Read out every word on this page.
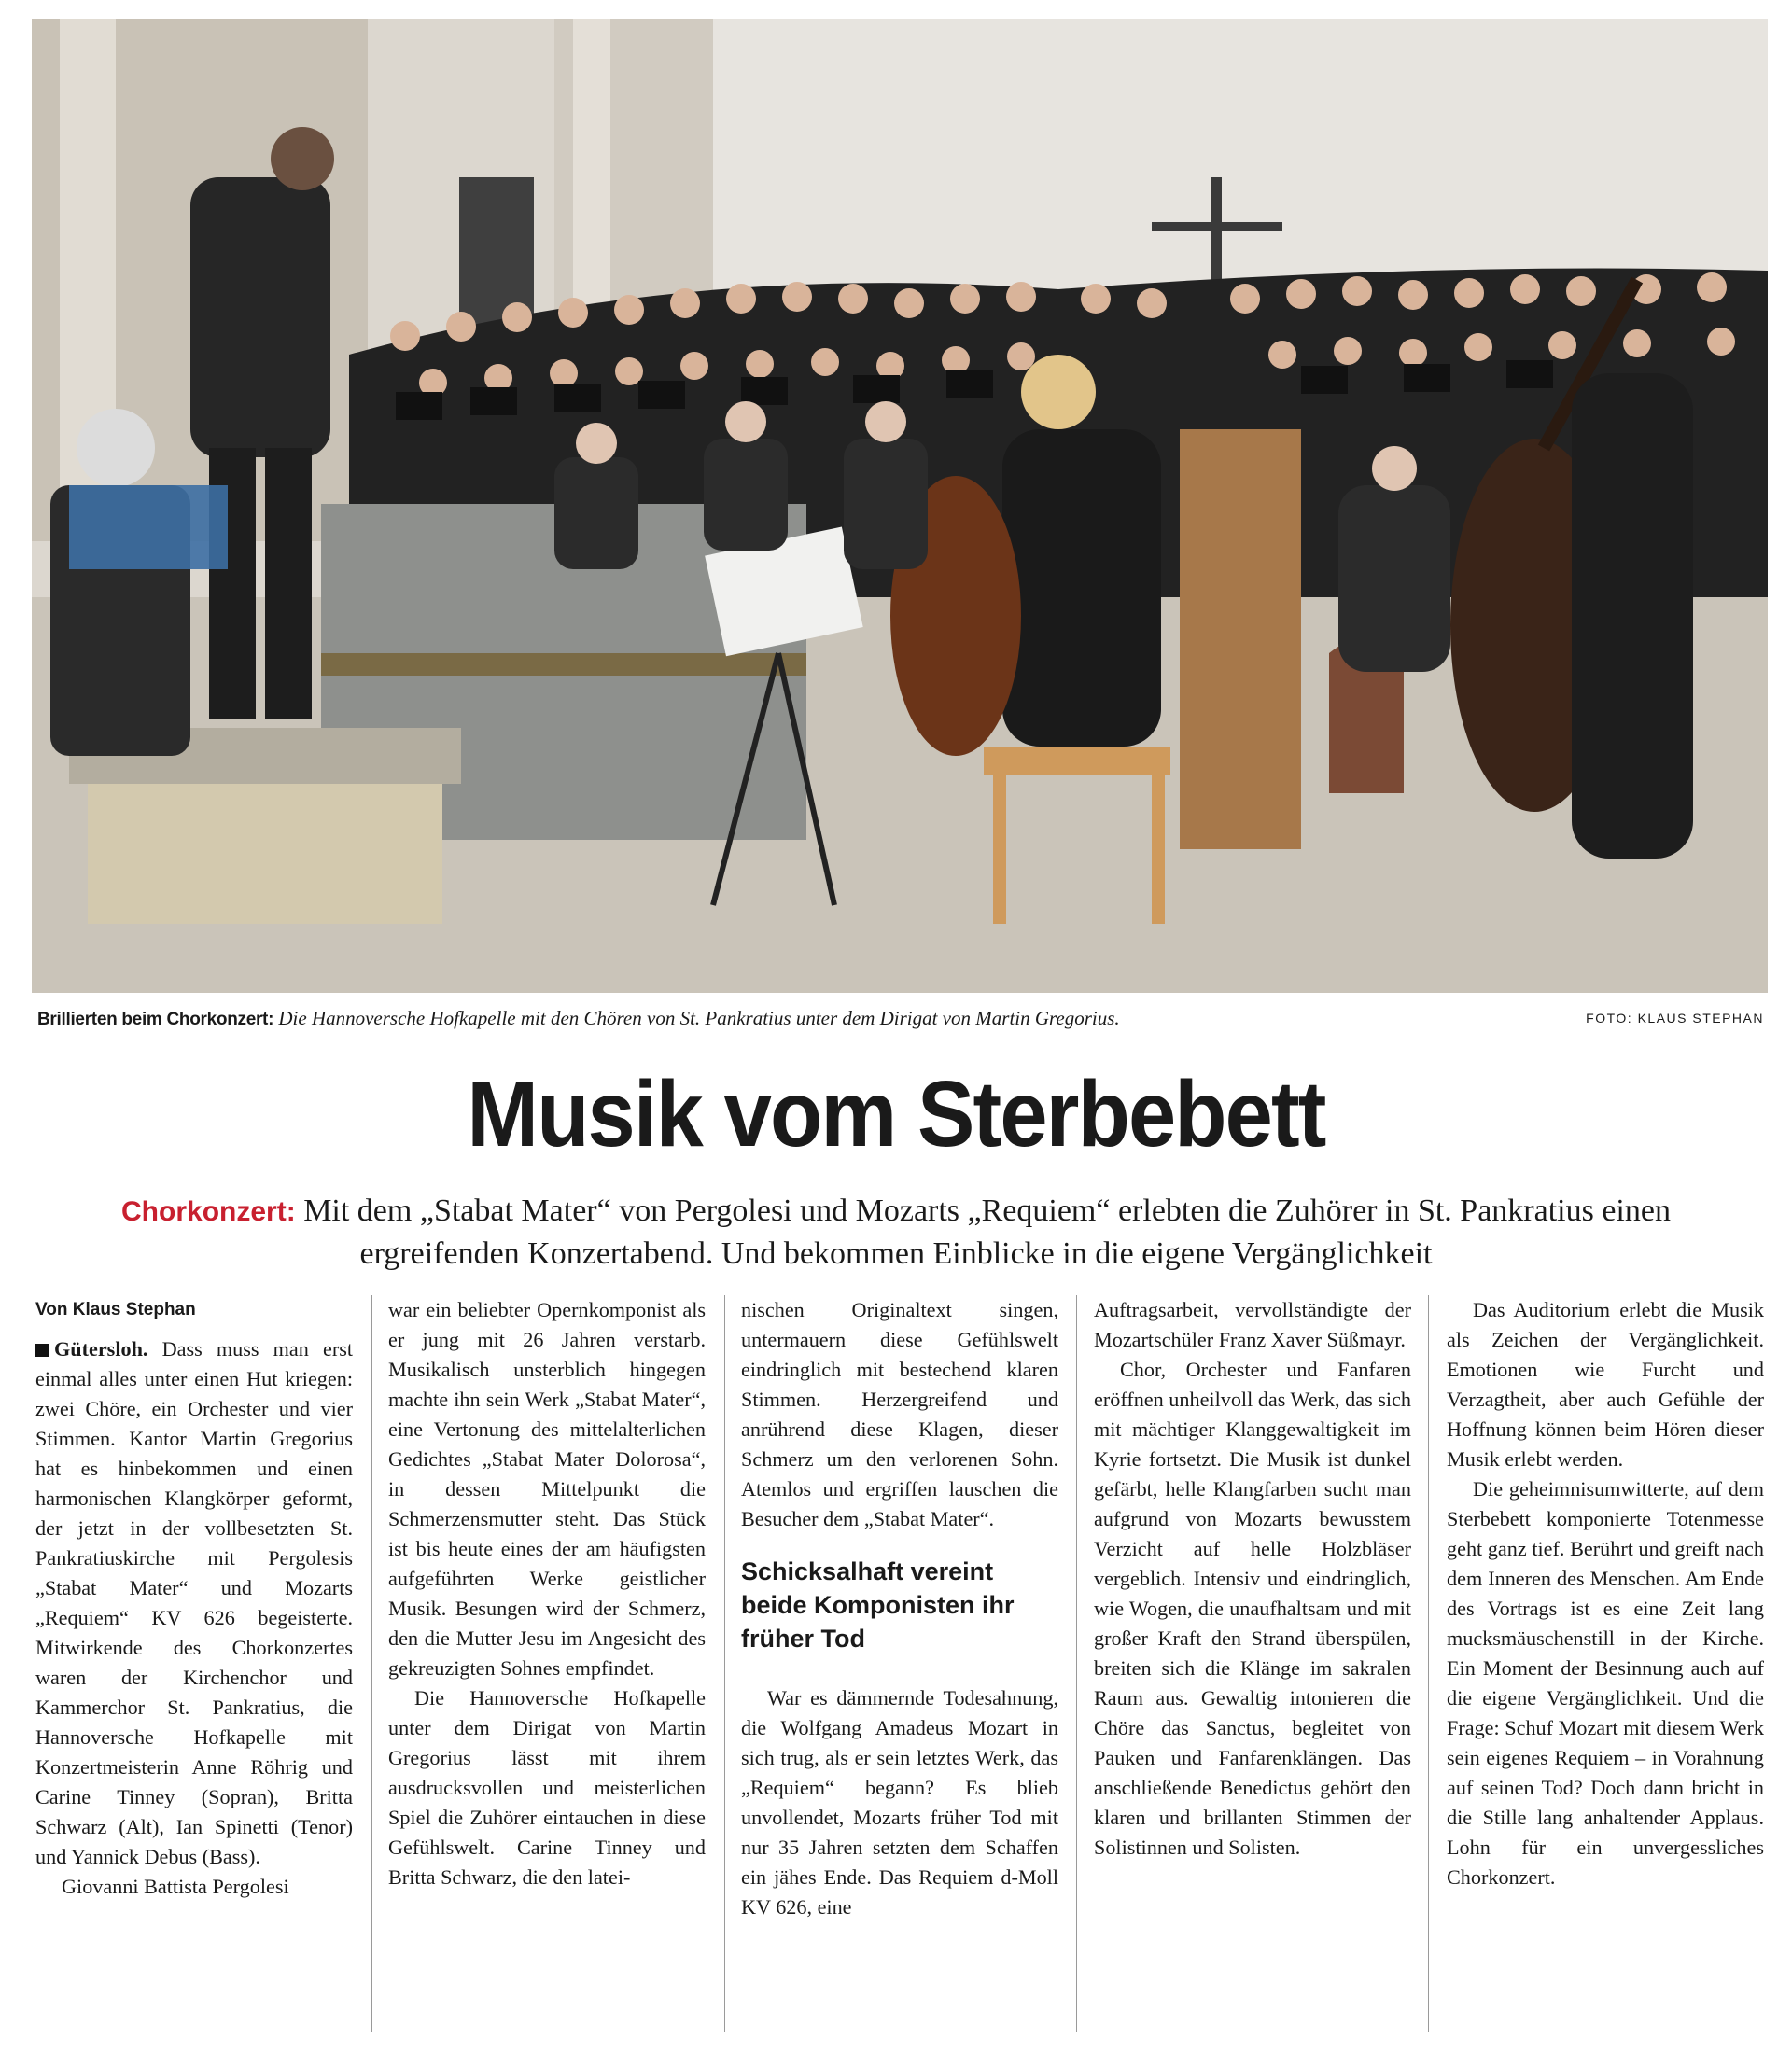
Brillierten beim Chorkonzert: Die Hannoversche Hofkapelle mit den Chören von St. Pankratius unter dem Dirigat von Martin Gregorius.	FOTO: KLAUS STEPHAN
Musik vom Sterbebett
Chorkonzert: Mit dem „Stabat Mater“ von Pergolesi und Mozarts „Requiem“ erlebten die Zuhörer in St. Pankratius einen ergreifenden Konzertabend. Und bekommen Einblicke in die eigene Vergänglichkeit
Von Klaus Stephan

Gütersloh. Dass muss man erst einmal alles unter einen Hut kriegen: zwei Chöre, ein Orchester und vier Stimmen. Kantor Martin Gregorius hat es hinbekommen und einen harmonischen Klangkörper geformt, der jetzt in der vollbesetzten St. Pankratiuskirche mit Pergolesis „Stabat Mater“ und Mozarts „Requiem“ KV 626 begeisterte. Mitwirkende des Chorkonzertes waren der Kirchenchor und Kammerchor St. Pankratius, die Hannoversche Hofkapelle mit Konzertmeisterin Anne Röhrig und Carine Tinney (Sopran), Britta Schwarz (Alt), Ian Spinetti (Tenor) und Yannick Debus (Bass).

Giovanni Battista Pergolesi

war ein beliebter Opernkomponist als er jung mit 26 Jahren verstarb. Musikalisch unsterblich hingegen machte ihn sein Werk „Stabat Mater“, eine Vertonung des mittelalterlichen Gedichtes „Stabat Mater Dolorosa“, in dessen Mittelpunkt die Schmerzensmutter steht. Das Stück ist bis heute eines der am häufigsten aufgeführten Werke geistlicher Musik. Besungen wird der Schmerz, den die Mutter Jesu im Angesicht des gekreuzigten Sohnes empfindet.

Die Hannoversche Hofkapelle unter dem Dirigat von Martin Gregorius lässt mit ihrem ausdrucksvollen und meisterlichen Spiel die Zuhörer eintauchen in diese Gefühlswelt. Carine Tinney und Britta Schwarz, die den latei-

nischen Originaltext singen, untermauern diese Gefühlswelt eindringlich mit bestechend klaren Stimmen. Herzergreifend und anrührend diese Klagen, dieser Schmerz um den verlorenen Sohn. Atemlos und ergriffen lauschen die Besucher dem „Stabat Mater“.

Schicksalhaft vereint beide Komponisten ihr früher Tod

War es dämmernde Todesahnung, die Wolfgang Amadeus Mozart in sich trug, als er sein letztes Werk, das „Requiem“ begann? Es blieb unvollendet, Mozarts früher Tod mit nur 35 Jahren setzten dem Schaffen ein jähes Ende. Das Requiem d-Moll KV 626, eine

Auftragsarbeit, vervollständigte der Mozartschüler Franz Xaver Süßmayr.

Chor, Orchester und Fanfaren eröffnen unheilvoll das Werk, das sich mit mächtiger Klanggewaltigkeit im Kyrie fortsetzt. Die Musik ist dunkel gefärbt, helle Klangfarben sucht man aufgrund von Mozarts bewusstem Verzicht auf helle Holzbläser vergeblich. Intensiv und eindringlich, wie Wogen, die unaufhaltsam und mit großer Kraft den Strand überspülen, breiten sich die Klänge im sakralen Raum aus. Gewaltig intonieren die Chöre das Sanctus, begleitet von Pauken und Fanfarenklängen. Das anschließende Benedictus gehört den klaren und brillanten Stimmen der Solistinnen und Solisten.

Das Auditorium erlebt die Musik als Zeichen der Vergänglichkeit. Emotionen wie Furcht und Verzagtheit, aber auch Gefühle der Hoffnung können beim Hören dieser Musik erlebt werden.

Die geheimnisumwitterte, auf dem Sterbebett komponierte Totenmesse geht ganz tief. Berührt und greift nach dem Inneren des Menschen. Am Ende des Vortrags ist es eine Zeit lang mucksmäuschenstill in der Kirche. Ein Moment der Besinnung auch auf die eigene Vergänglichkeit. Und die Frage: Schuf Mozart mit diesem Werk sein eigenes Requiem – in Vorahnung auf seinen Tod? Doch dann bricht in die Stille lang anhaltender Applaus. Lohn für ein unvergessliches Chorkonzert.
